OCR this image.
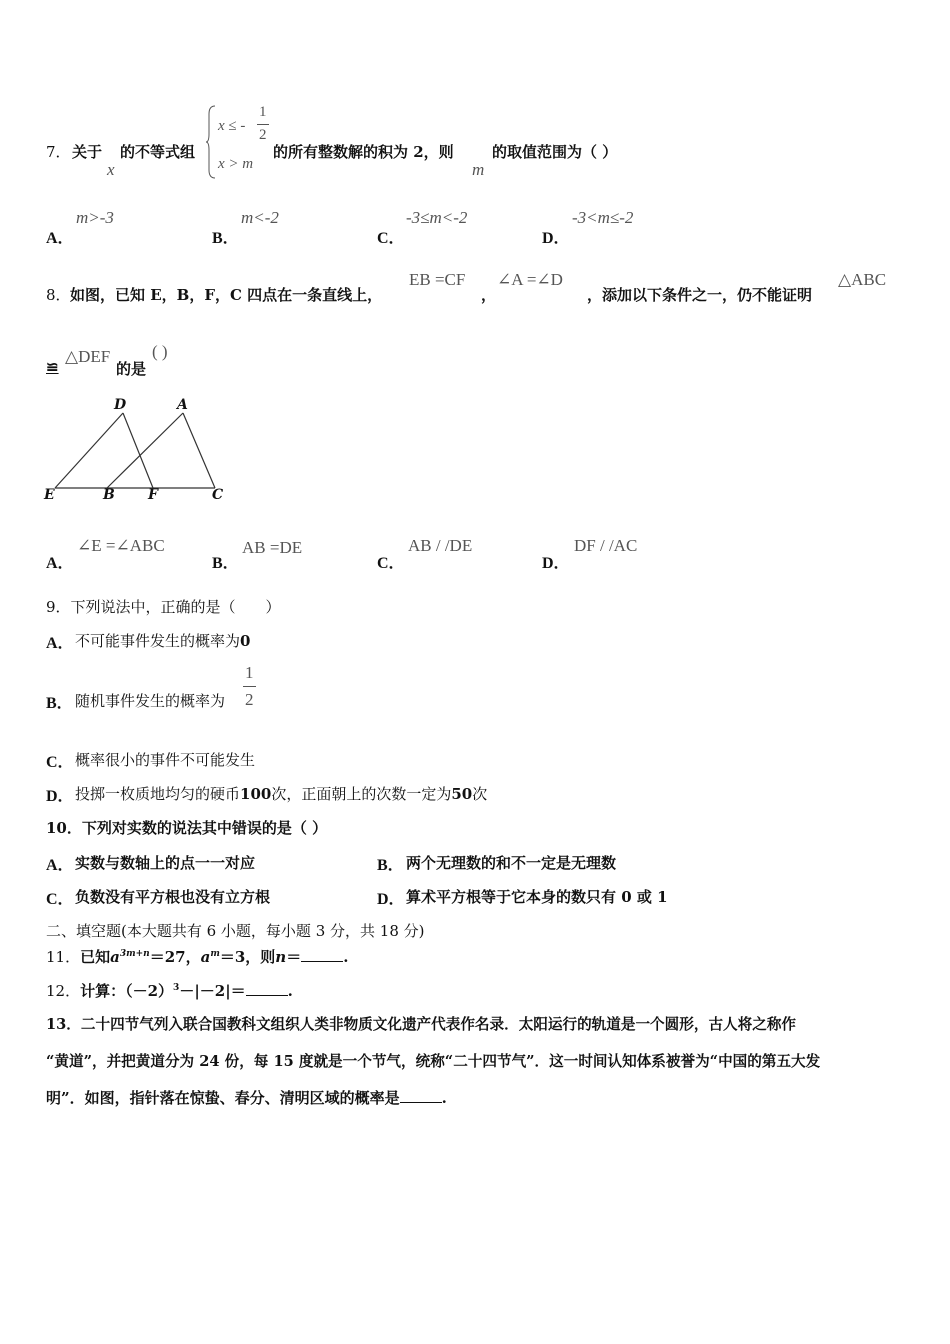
7． 关于
x
的不等式组
x ≤ -
1
2
x > m
的所有整数解的积为 2，则
m
的取值范围为（ ）
A．
m>-3
B．
m<-2
C．
-3≤m<-2
D．
-3<m≤-2
8． 如图，已知 E，B，F，C 四点在一条直线上，
EB =CF
，
∠A =∠D
，添加以下条件之一，仍不能证明
△ABC
≌
△DEF
的是
( )
D	A
E	B F	C
A．
∠E =∠ABC
B．
AB =DE
C．
AB / /DE
D．
DF / /AC
9．下列说法中，正确的是（　　）
A． 不可能事件发生的概率为0
B． 随机事件发生的概率为
1
2
C． 概率很小的事件不可能发生
D． 投掷一枚质地均匀的硬币100次，正面朝上的次数一定为50次
10．下列对实数的说法其中错误的是（ ）
A． 实数与数轴上的点一一对应	B． 两个无理数的和不一定是无理数
C． 负数没有平方根也没有立方根	D． 算术平方根等于它本身的数只有 0 或 1
二、填空题(本大题共有 6 小题，每小题 3 分，共 18 分)
11．已知$a^{3m+n}=27$，$a^m=3$，则n＝	.
12．计算：$(-2)^3-|-2|=$	.
13．二十四节气列入联合国教科文组织人类非物质文化遗产代表作名录．太阳运行的轨道是一个圆形，古人将之称作
“黄道”，并把黄道分为 24 份，每 15 度就是一个节气，统称“二十四节气”．这一时间认知体系被誉为“中国的第五大发
明”．如图，指针落在惊蛰、春分、清明区域的概率是	.
